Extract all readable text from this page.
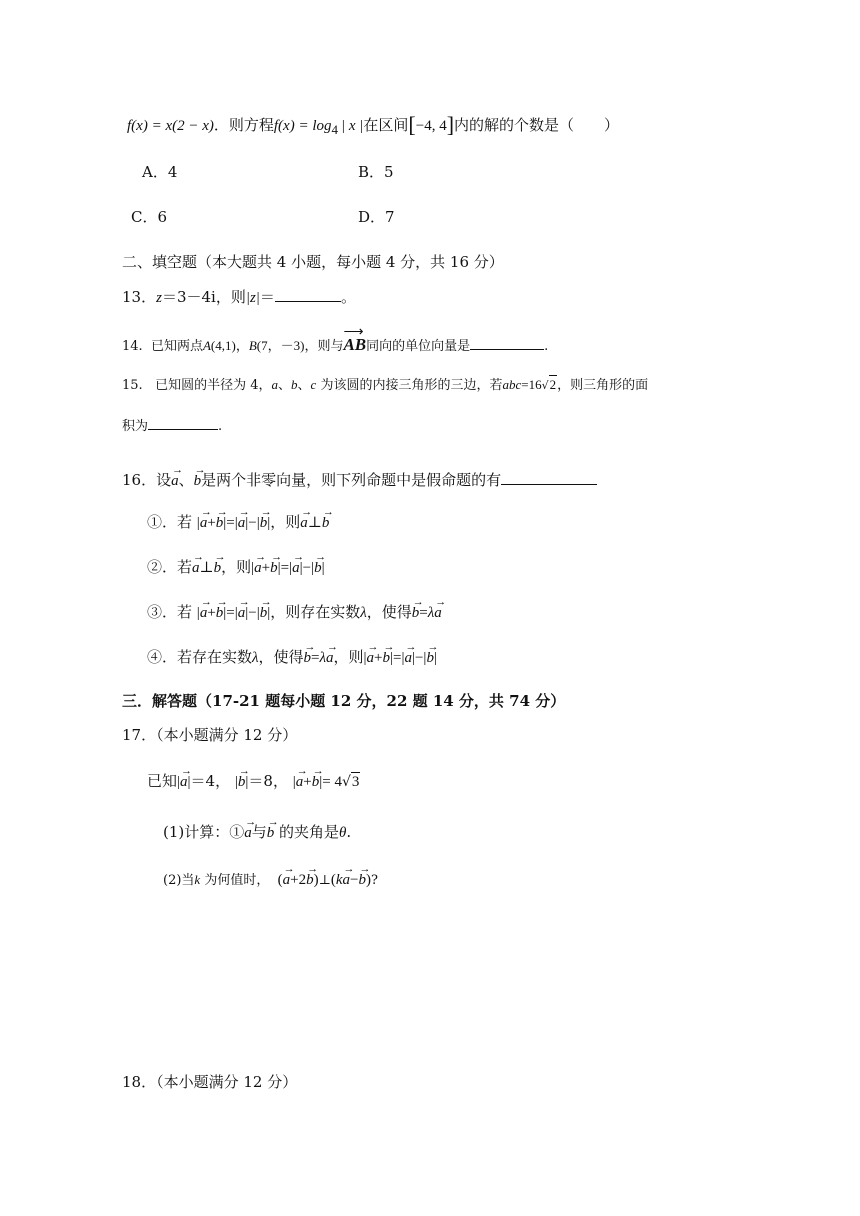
f(x) = x(2 − x)．则方程$f(x) = \log_4$ | x |在区间[−4, 4]内的解的个数是（　　）
A．4	B．5
C．6	D．7
二、填空题（本大题共 4 小题，每小题 4 分，共 16 分）
13．z＝3－4i，则|z|＝	。
14. 已知两点A(4,1)，B(7，－3)，则与⟶ AB同向的单位向量是	.
15. 已知圆的半径为 4，a、b、c 为该圆的内接三角形的三边，若abc=16√2，则三角形的面
积为	.
16．设→ a、→ b是两个非零向量，则下列命题中是假命题的有
①．若 |→ a+→ b|=|→ a|−|→ b|，则→ a⊥→ b
②．若→ a⊥→ b，则|→ a+→ b|=|→ a|−|→ b|
③．若 |→ a+→ b|=|→ a|−|→ b|，则存在实数λ，使得→ b=λ→ a
④．若存在实数λ，使得→ b=λ→ a，则|→ a+→ b|=|→ a|−|→ b|
三．解答题（17-21 题每小题 12 分，22 题 14 分，共 74 分）
17．（本小题满分 12 分）
已知|→ a|＝4， |→ b|＝8， |→ a+→ b|= 4√3
(1)计算：①→ a与→ b 的夹角是θ.
(2)当k 为何值时， (→ a+2→ b)⊥(k→ a−→ b)?
18．（本小题满分 12 分）
